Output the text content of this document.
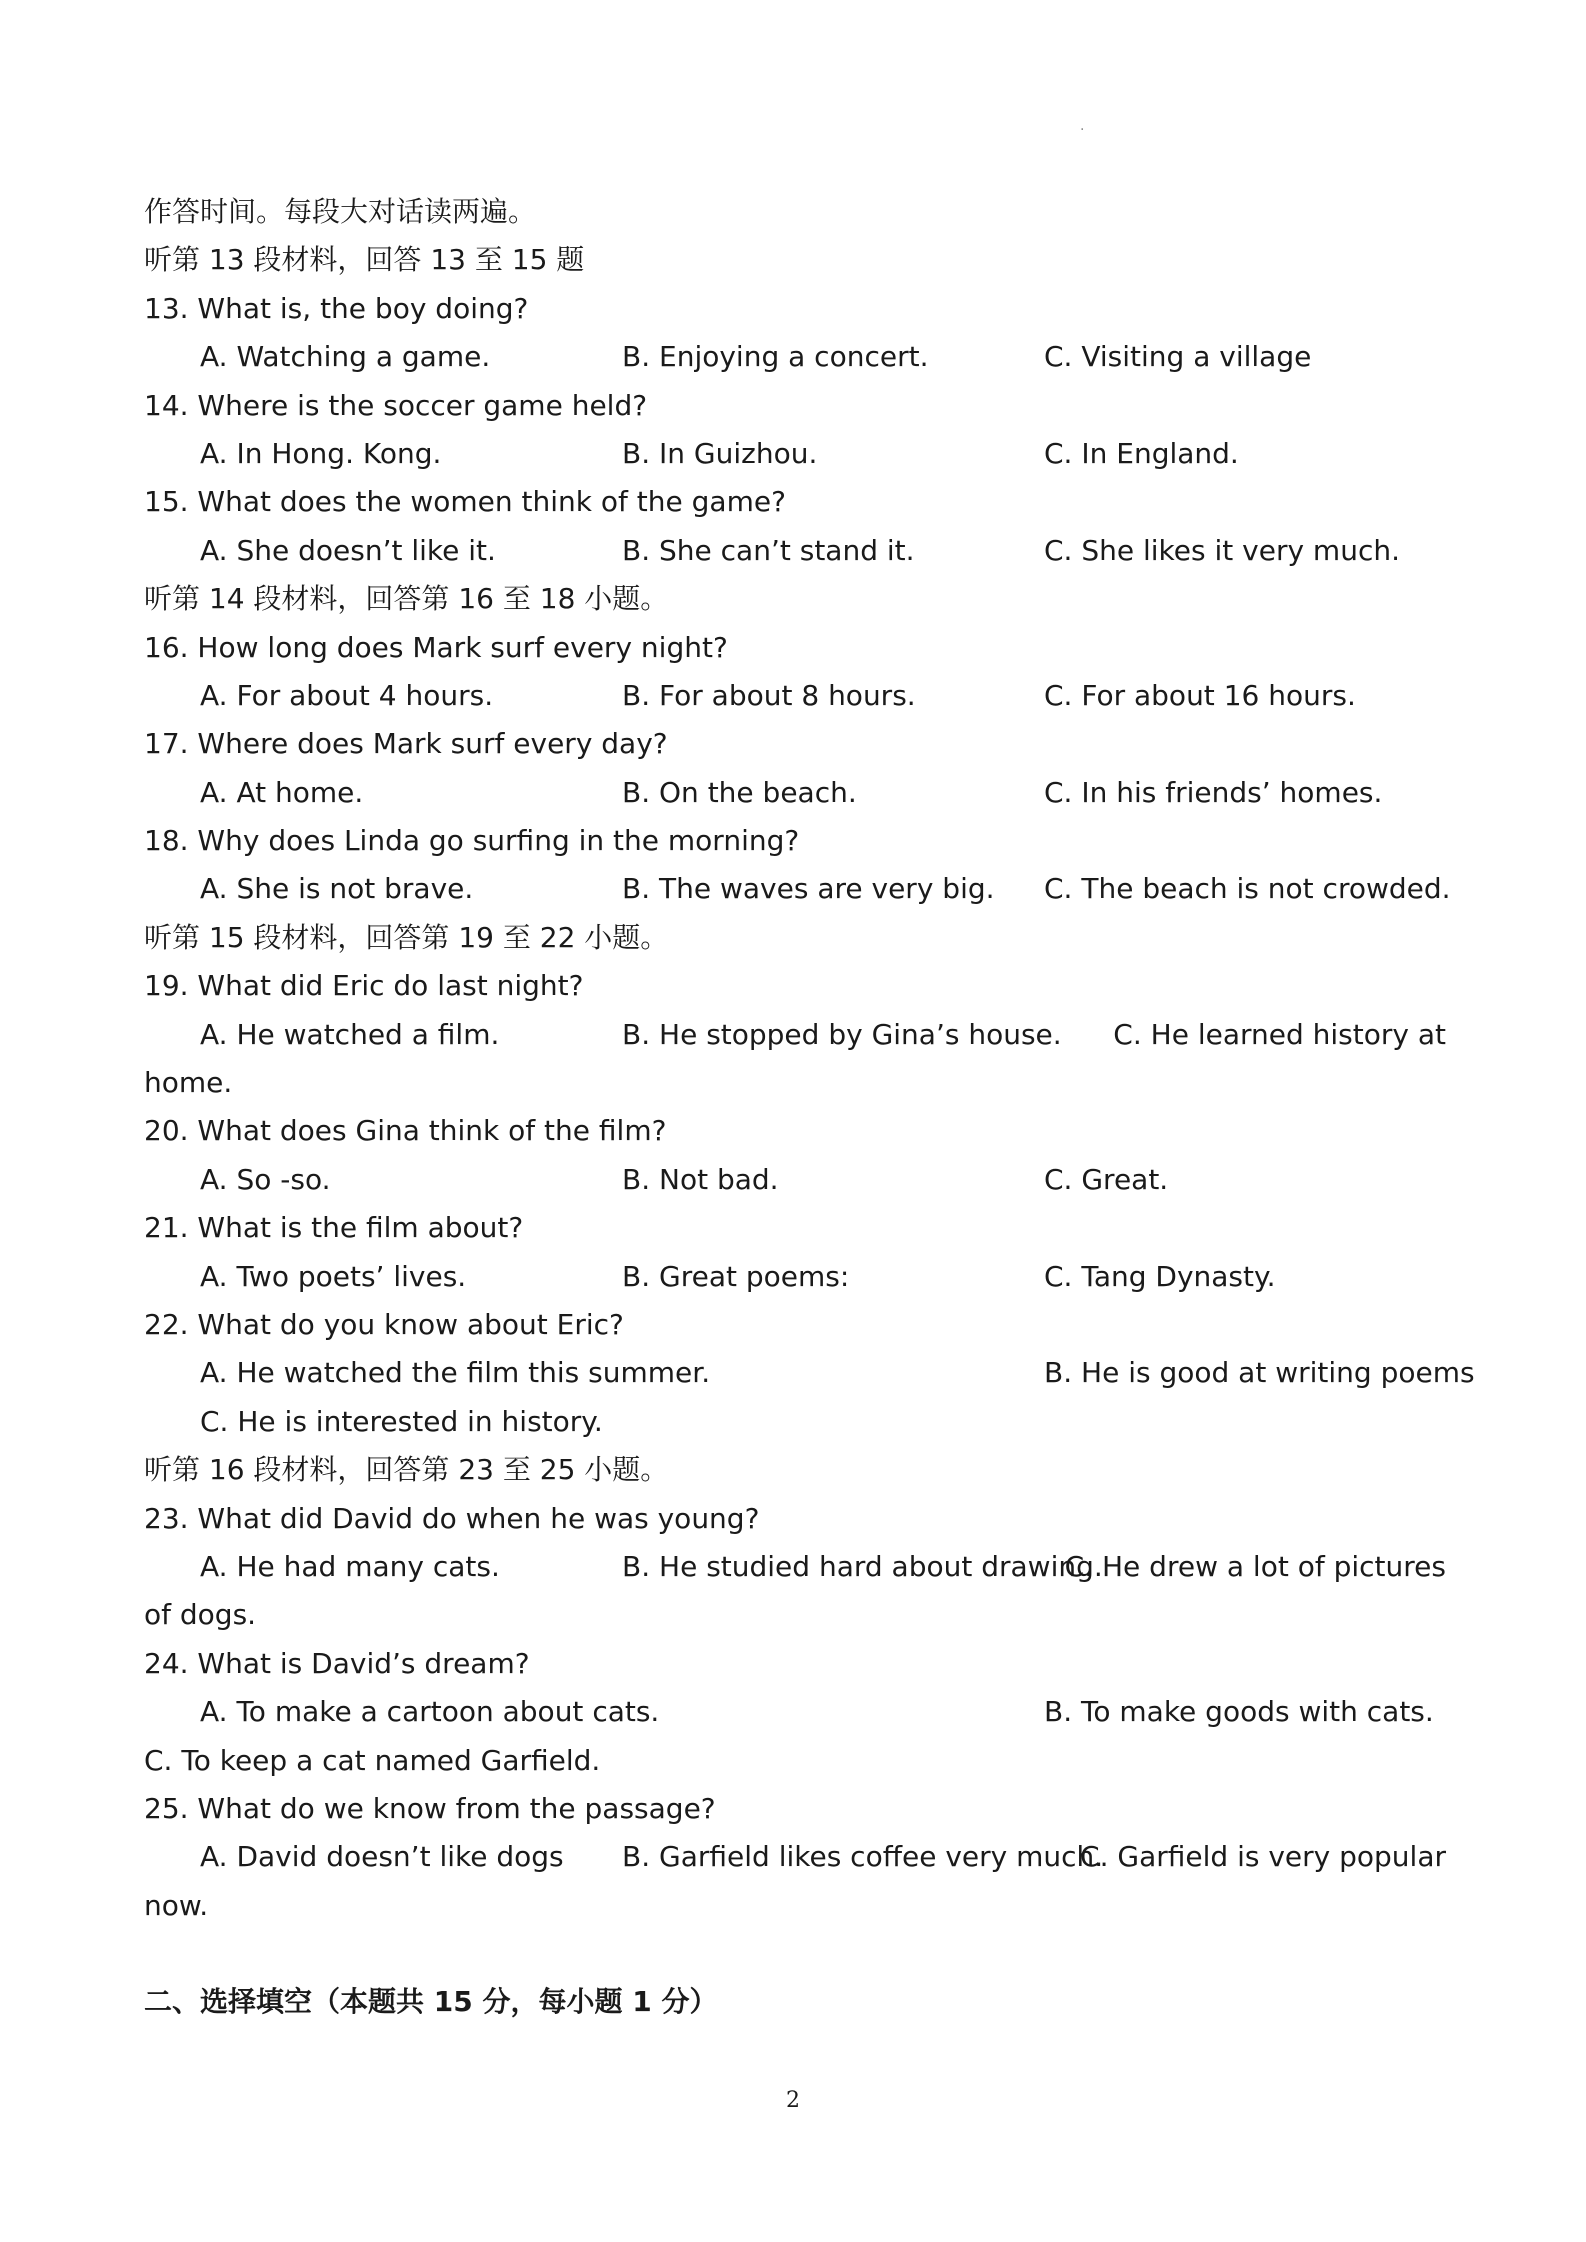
.
作答时间。每段大对话读两遍。
听第 13 段材料，回答 13 至 15 题
13. What is, the boy doing?
A. Watching a game.	B. Enjoying a concert.	C. Visiting a village
14. Where is the soccer game held?
A. In Hong. Kong.	B. In Guizhou.	C. In England.
15. What does the women think of the game?
A. She doesn’t like it.	B. She can’t stand it.	C. She likes it very much.
听第 14 段材料，回答第 16 至 18 小题。
16. How long does Mark surf every night?
A. For about 4 hours.	B. For about 8 hours.	C. For about 16 hours.
17. Where does Mark surf every day?
A. At home.	B. On the beach.	C. In his friends’ homes.
18. Why does Linda go surfing in the morning?
A. She is not brave.	B. The waves are very big. C. The beach is not crowded.
听第 15 段材料，回答第 19 至 22 小题。
19. What did Eric do last night?
A. He watched a film.	B. He stopped by Gina’s house. C. He learned history at
home.
20. What does Gina think of the film?
A. So -so.	B. Not bad.	C. Great.
21. What is the film about?
A. Two poets’ lives.	B. Great poems:	C. Tang Dynasty.
22. What do you know about Eric?
A. He watched the film this summer.	B. He is good at writing poems
C. He is interested in history.
听第 16 段材料，回答第 23 至 25 小题。
23. What did David do when he was young?
A. He had many cats.	B. He studied hard about drawing.
C. He drew a lot of pictures
of dogs.
24. What is David’s dream?
A. To make a cartoon about cats.	B. To make goods with cats.
C. To keep a cat named Garfield.
25. What do we know from the passage?
A. David doesn’t like dogs B. Garfield likes coffee very much.
C. Garfield is very popular
now.
二、选择填空（本题共 15 分，每小题 1 分）
2
